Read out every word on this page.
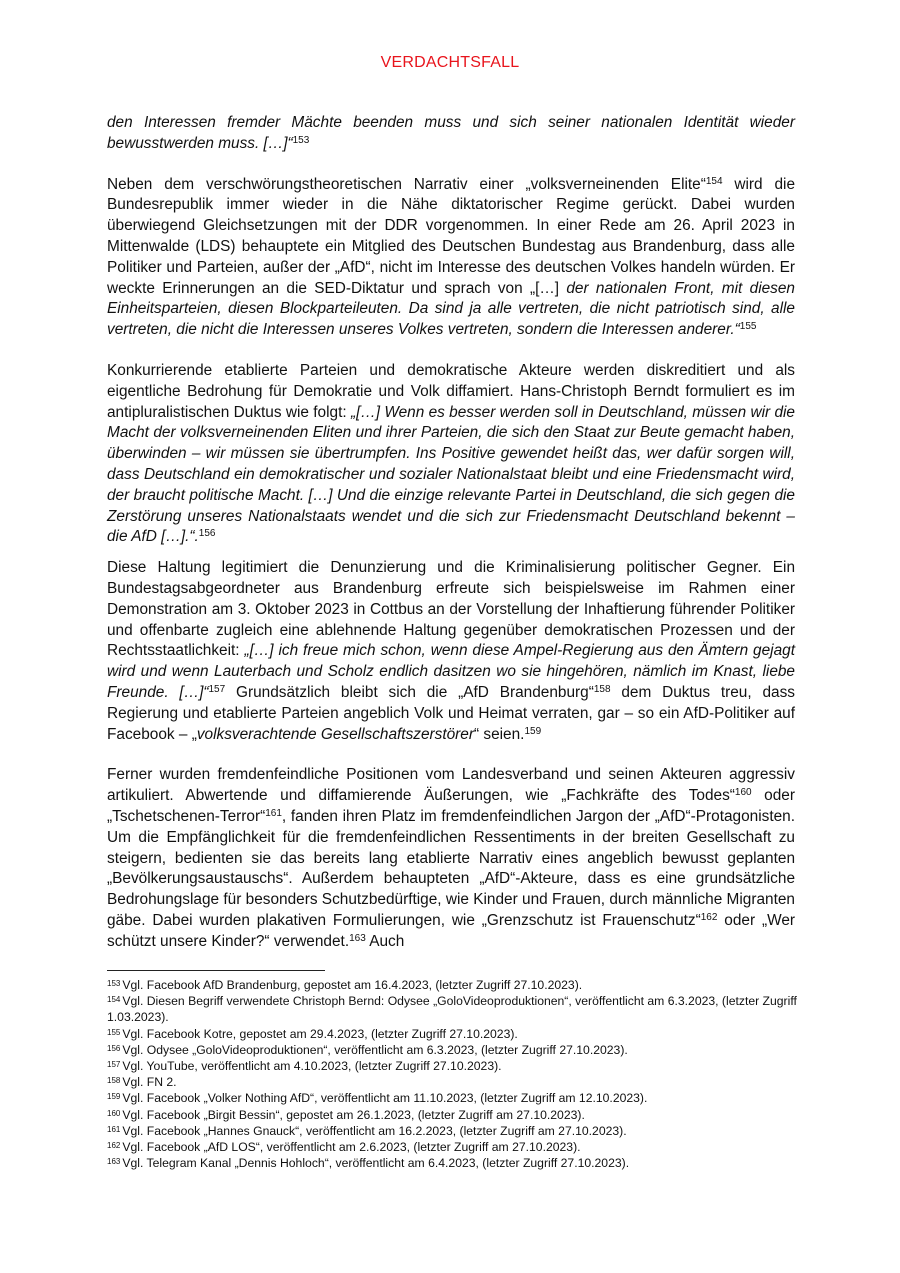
VERDACHTSFALL

den Interessen fremder Mächte beenden muss und sich seiner nationalen Identität wieder bewusstwerden muss. […]“$^{153}$

Neben dem verschwörungstheoretischen Narrativ einer „volksverneinenden Elite“$^{154}$ wird die Bundesrepublik immer wieder in die Nähe diktatorischer Regime gerückt. Dabei wurden überwiegend Gleichsetzungen mit der DDR vorgenommen. In einer Rede am 26. April 2023 in Mittenwalde (LDS) behauptete ein Mitglied des Deutschen Bundestag aus Brandenburg, dass alle Politiker und Parteien, außer der „AfD“, nicht im Interesse des deutschen Volkes handeln würden. Er weckte Erinnerungen an die SED-Diktatur und sprach von „[…] der nationalen Front, mit diesen Einheitsparteien, diesen Blockparteileuten. Da sind ja alle vertreten, die nicht patriotisch sind, alle vertreten, die nicht die Interessen unseres Volkes vertreten, sondern die Interessen anderer.“$^{155}$

Konkurrierende etablierte Parteien und demokratische Akteure werden diskreditiert und als eigentliche Bedrohung für Demokratie und Volk diffamiert. Hans-Christoph Berndt formuliert es im antipluralistischen Duktus wie folgt: „[…] Wenn es besser werden soll in Deutschland, müssen wir die Macht der volksverneinenden Eliten und ihrer Parteien, die sich den Staat zur Beute gemacht haben, überwinden – wir müssen sie übertrumpfen. Ins Positive gewendet heißt das, wer dafür sorgen will, dass Deutschland ein demokratischer und sozialer Nationalstaat bleibt und eine Friedensmacht wird, der braucht politische Macht. […] Und die einzige relevante Partei in Deutschland, die sich gegen die Zerstörung unseres Nationalstaats wendet und die sich zur Friedensmacht Deutschland bekennt – die AfD […].“.$^{156}$

Diese Haltung legitimiert die Denunzierung und die Kriminalisierung politischer Gegner. Ein Bundestagsabgeordneter aus Brandenburg erfreute sich beispielsweise im Rahmen einer Demonstration am 3. Oktober 2023 in Cottbus an der Vorstellung der Inhaftierung führender Politiker und offenbarte zugleich eine ablehnende Haltung gegenüber demokratischen Prozessen und der Rechtsstaatlichkeit: „[…] ich freue mich schon, wenn diese Ampel-Regierung aus den Ämtern gejagt wird und wenn Lauterbach und Scholz endlich dasitzen wo sie hingehören, nämlich im Knast, liebe Freunde. […]“$^{157}$ Grundsätzlich bleibt sich die „AfD Brandenburg“$^{158}$ dem Duktus treu, dass Regierung und etablierte Parteien angeblich Volk und Heimat verraten, gar – so ein AfD-Politiker auf Facebook – „volksverachtende Gesellschaftszerstörer“ seien.$^{159}$

Ferner wurden fremdenfeindliche Positionen vom Landesverband und seinen Akteuren aggressiv artikuliert. Abwertende und diffamierende Äußerungen, wie „Fachkräfte des Todes“$^{160}$ oder „Tschetschenen-Terror“$^{161}$, fanden ihren Platz im fremdenfeindlichen Jargon der „AfD“-Protagonisten. Um die Empfänglichkeit für die fremdenfeindlichen Ressentiments in der breiten Gesellschaft zu steigern, bedienten sie das bereits lang etablierte Narrativ eines angeblich bewusst geplanten „Bevölkerungsaustauschs“. Außerdem behaupteten „AfD“-Akteure, dass es eine grundsätzliche Bedrohungslage für besonders Schutzbedürftige, wie Kinder und Frauen, durch männliche Migranten gäbe. Dabei wurden plakativen Formulierungen, wie „Grenzschutz ist Frauenschutz“$^{162}$ oder „Wer schützt unsere Kinder?“ verwendet.$^{163}$ Auch

$^{153}$ Vgl. Facebook AfD Brandenburg, gepostet am 16.4.2023, (letzter Zugriff 27.10.2023).

$^{154}$ Vgl. Diesen Begriff verwendete Christoph Bernd: Odysee „GoloVideoproduktionen“, veröffentlicht am 6.3.2023, (letzter Zugriff 1.03.2023).

$^{155}$ Vgl. Facebook Kotre, gepostet am 29.4.2023, (letzter Zugriff 27.10.2023).

$^{156}$ Vgl. Odysee „GoloVideoproduktionen“, veröffentlicht am 6.3.2023, (letzter Zugriff 27.10.2023).

$^{157}$ Vgl. YouTube, veröffentlicht am 4.10.2023, (letzter Zugriff 27.10.2023).

$^{158}$ Vgl. FN 2.

$^{159}$ Vgl. Facebook „Volker Nothing AfD“, veröffentlicht am 11.10.2023, (letzter Zugriff am 12.10.2023).

$^{160}$ Vgl. Facebook „Birgit Bessin“, gepostet am 26.1.2023, (letzter Zugriff am 27.10.2023).

$^{161}$ Vgl. Facebook „Hannes Gnauck“, veröffentlicht am 16.2.2023, (letzter Zugriff am 27.10.2023).

$^{162}$ Vgl. Facebook „AfD LOS“, veröffentlicht am 2.6.2023, (letzter Zugriff am 27.10.2023).

$^{163}$ Vgl. Telegram Kanal „Dennis Hohloch“, veröffentlicht am 6.4.2023, (letzter Zugriff 27.10.2023).
